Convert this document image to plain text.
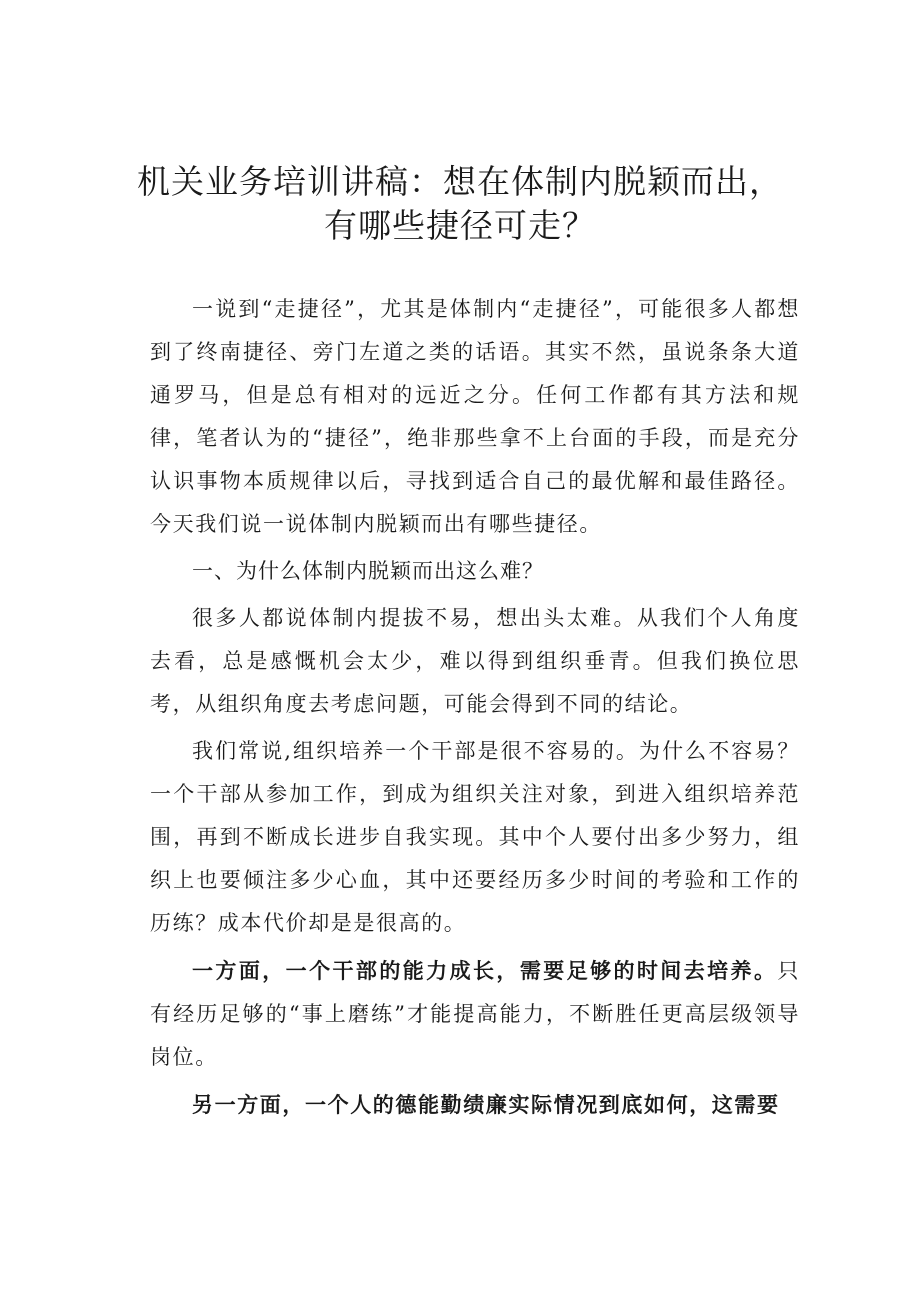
机关业务培训讲稿：想在体制内脱颖而出，
有哪些捷径可走？

一说到“走捷径”，尤其是体制内“走捷径”，可能很多人都想到了终南捷径、旁门左道之类的话语。其实不然，虽说条条大道通罗马，但是总有相对的远近之分。任何工作都有其方法和规律，笔者认为的“捷径”，绝非那些拿不上台面的手段，而是充分认识事物本质规律以后，寻找到适合自己的最优解和最佳路径。今天我们说一说体制内脱颖而出有哪些捷径。

一、为什么体制内脱颖而出这么难？

很多人都说体制内提拔不易，想出头太难。从我们个人角度去看，总是感慨机会太少，难以得到组织垂青。但我们换位思考，从组织角度去考虑问题，可能会得到不同的结论。

我们常说,组织培养一个干部是很不容易的。为什么不容易？一个干部从参加工作，到成为组织关注对象，到进入组织培养范围，再到不断成长进步自我实现。其中个人要付出多少努力，组织上也要倾注多少心血，其中还要经历多少时间的考验和工作的历练？成本代价却是是很高的。

一方面，一个干部的能力成长，需要足够的时间去培养。只有经历足够的“事上磨练”才能提高能力，不断胜任更高层级领导岗位。

另一方面，一个人的德能勤绩廉实际情况到底如何，这需要
